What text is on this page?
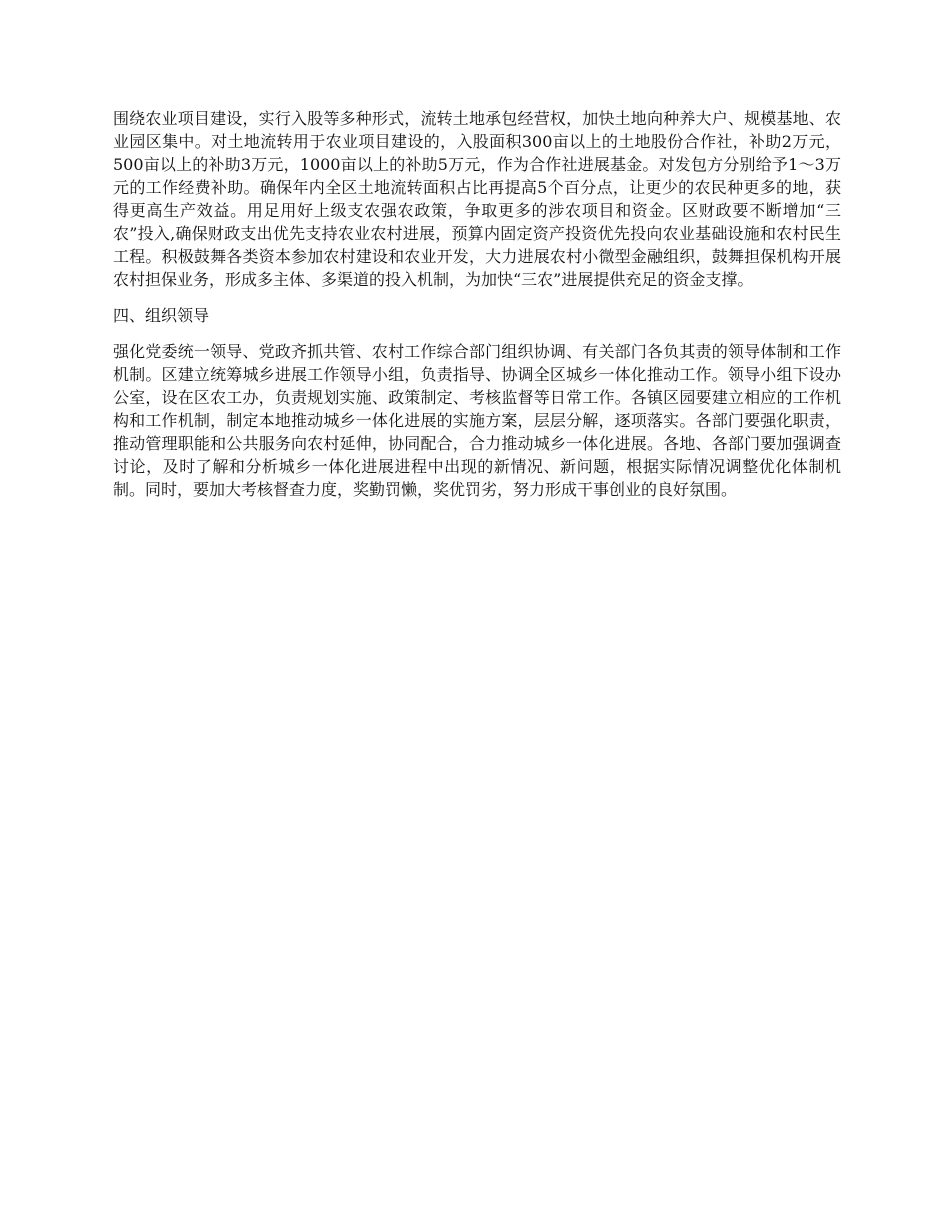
围绕农业项目建设，实行入股等多种形式，流转土地承包经营权，加快土地向种养大户、规模基地、农业园区集中。对土地流转用于农业项目建设的，入股面积300亩以上的土地股份合作社，补助2万元，500亩以上的补助3万元，1000亩以上的补助5万元，作为合作社进展基金。对发包方分别给予1～3万元的工作经费补助。确保年内全区土地流转面积占比再提高5个百分点，让更少的农民种更多的地，获得更高生产效益。用足用好上级支农强农政策，争取更多的涉农项目和资金。区财政要不断增加“三农”投入,确保财政支出优先支持农业农村进展，预算内固定资产投资优先投向农业基础设施和农村民生工程。积极鼓舞各类资本参加农村建设和农业开发，大力进展农村小微型金融组织，鼓舞担保机构开展农村担保业务，形成多主体、多渠道的投入机制，为加快“三农”进展提供充足的资金支撑。

四、组织领导

强化党委统一领导、党政齐抓共管、农村工作综合部门组织协调、有关部门各负其责的领导体制和工作机制。区建立统筹城乡进展工作领导小组，负责指导、协调全区城乡一体化推动工作。领导小组下设办公室，设在区农工办，负责规划实施、政策制定、考核监督等日常工作。各镇区园要建立相应的工作机构和工作机制，制定本地推动城乡一体化进展的实施方案，层层分解，逐项落实。各部门要强化职责，推动管理职能和公共服务向农村延伸，协同配合，合力推动城乡一体化进展。各地、各部门要加强调查讨论，及时了解和分析城乡一体化进展进程中出现的新情况、新问题，根据实际情况调整优化体制机制。同时，要加大考核督查力度，奖勤罚懒，奖优罚劣，努力形成干事创业的良好氛围。
